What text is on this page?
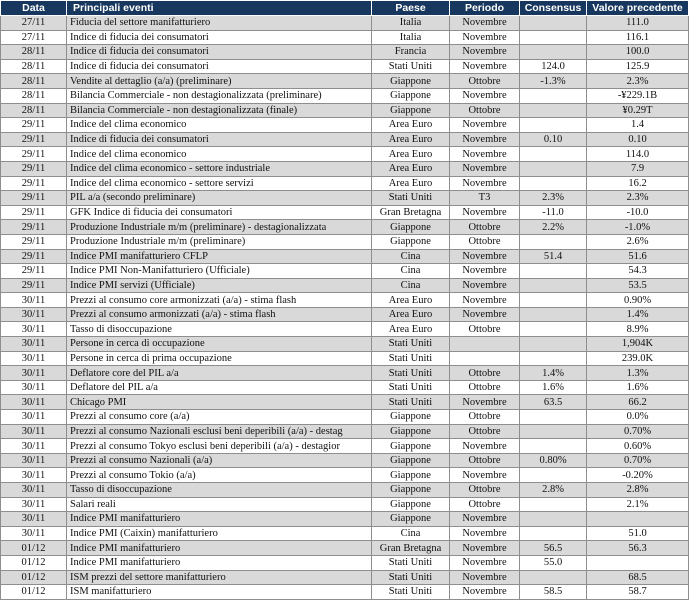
Data	Principali eventi	Paese	Periodo	Consensus	Valore precedente
27/11	Fiducia del settore manifatturiero	Italia	Novembre		111.0
27/11	Indice di fiducia dei consumatori	Italia	Novembre		116.1
28/11	Indice di fiducia dei consumatori	Francia	Novembre		100.0
28/11	Indice di fiducia dei consumatori	Stati Uniti	Novembre	124.0	125.9
28/11	Vendite al dettaglio (a/a) (preliminare)	Giappone	Ottobre	-1.3%	2.3%
28/11	Bilancia Commerciale - non destagionalizzata (preliminare)	Giappone	Novembre		-¥229.1B
28/11	Bilancia Commerciale - non destagionalizzata (finale)	Giappone	Ottobre		¥0.29T
29/11	Indice del clima economico	Area Euro	Novembre		1.4
29/11	Indice di fiducia dei consumatori	Area Euro	Novembre	0.10	0.10
29/11	Indice del clima economico	Area Euro	Novembre		114.0
29/11	Indice del clima economico - settore industriale	Area Euro	Novembre		7.9
29/11	Indice del clima economico - settore servizi	Area Euro	Novembre		16.2
29/11	PIL a/a (secondo preliminare)	Stati Uniti	T3	2.3%	2.3%
29/11	GFK Indice di fiducia dei consumatori	Gran Bretagna	Novembre	-11.0	-10.0
29/11	Produzione Industriale m/m (preliminare) - destagionalizzata	Giappone	Ottobre	2.2%	-1.0%
29/11	Produzione Industriale m/m (preliminare)	Giappone	Ottobre		2.6%
29/11	Indice PMI manifatturiero CFLP	Cina	Novembre	51.4	51.6
29/11	Indice PMI Non-Manifatturiero (Ufficiale)	Cina	Novembre		54.3
29/11	Indice PMI servizi (Ufficiale)	Cina	Novembre		53.5
30/11	Prezzi al consumo core armonizzati (a/a) - stima flash	Area Euro	Novembre		0.90%
30/11	Prezzi al consumo armonizzati (a/a) - stima flash	Area Euro	Novembre		1.4%
30/11	Tasso di disoccupazione	Area Euro	Ottobre		8.9%
30/11	Persone in cerca di occupazione	Stati Uniti			1,904K
30/11	Persone in cerca di prima occupazione	Stati Uniti			239.0K
30/11	Deflatore core del PIL a/a	Stati Uniti	Ottobre	1.4%	1.3%
30/11	Deflatore del PIL a/a	Stati Uniti	Ottobre	1.6%	1.6%
30/11	Chicago PMI	Stati Uniti	Novembre	63.5	66.2
30/11	Prezzi al consumo core (a/a)	Giappone	Ottobre		0.0%
30/11	Prezzi al consumo Nazionali esclusi beni deperibili (a/a) - destag	Giappone	Ottobre		0.70%
30/11	Prezzi al consumo Tokyo esclusi beni deperibili (a/a) - destagior	Giappone	Novembre		0.60%
30/11	Prezzi al consumo Nazionali (a/a)	Giappone	Ottobre	0.80%	0.70%
30/11	Prezzi al consumo Tokio (a/a)	Giappone	Novembre		-0.20%
30/11	Tasso di disoccupazione	Giappone	Ottobre	2.8%	2.8%
30/11	Salari reali	Giappone	Ottobre		2.1%
30/11	Indice PMI manifatturiero	Giappone	Novembre		
30/11	Indice PMI (Caixin) manifatturiero	Cina	Novembre		51.0
01/12	Indice PMI manifatturiero	Gran Bretagna	Novembre	56.5	56.3
01/12	Indice PMI manifatturiero	Stati Uniti	Novembre	55.0	
01/12	ISM prezzi del settore manifatturiero	Stati Uniti	Novembre		68.5
01/12	ISM manifatturiero	Stati Uniti	Novembre	58.5	58.7
